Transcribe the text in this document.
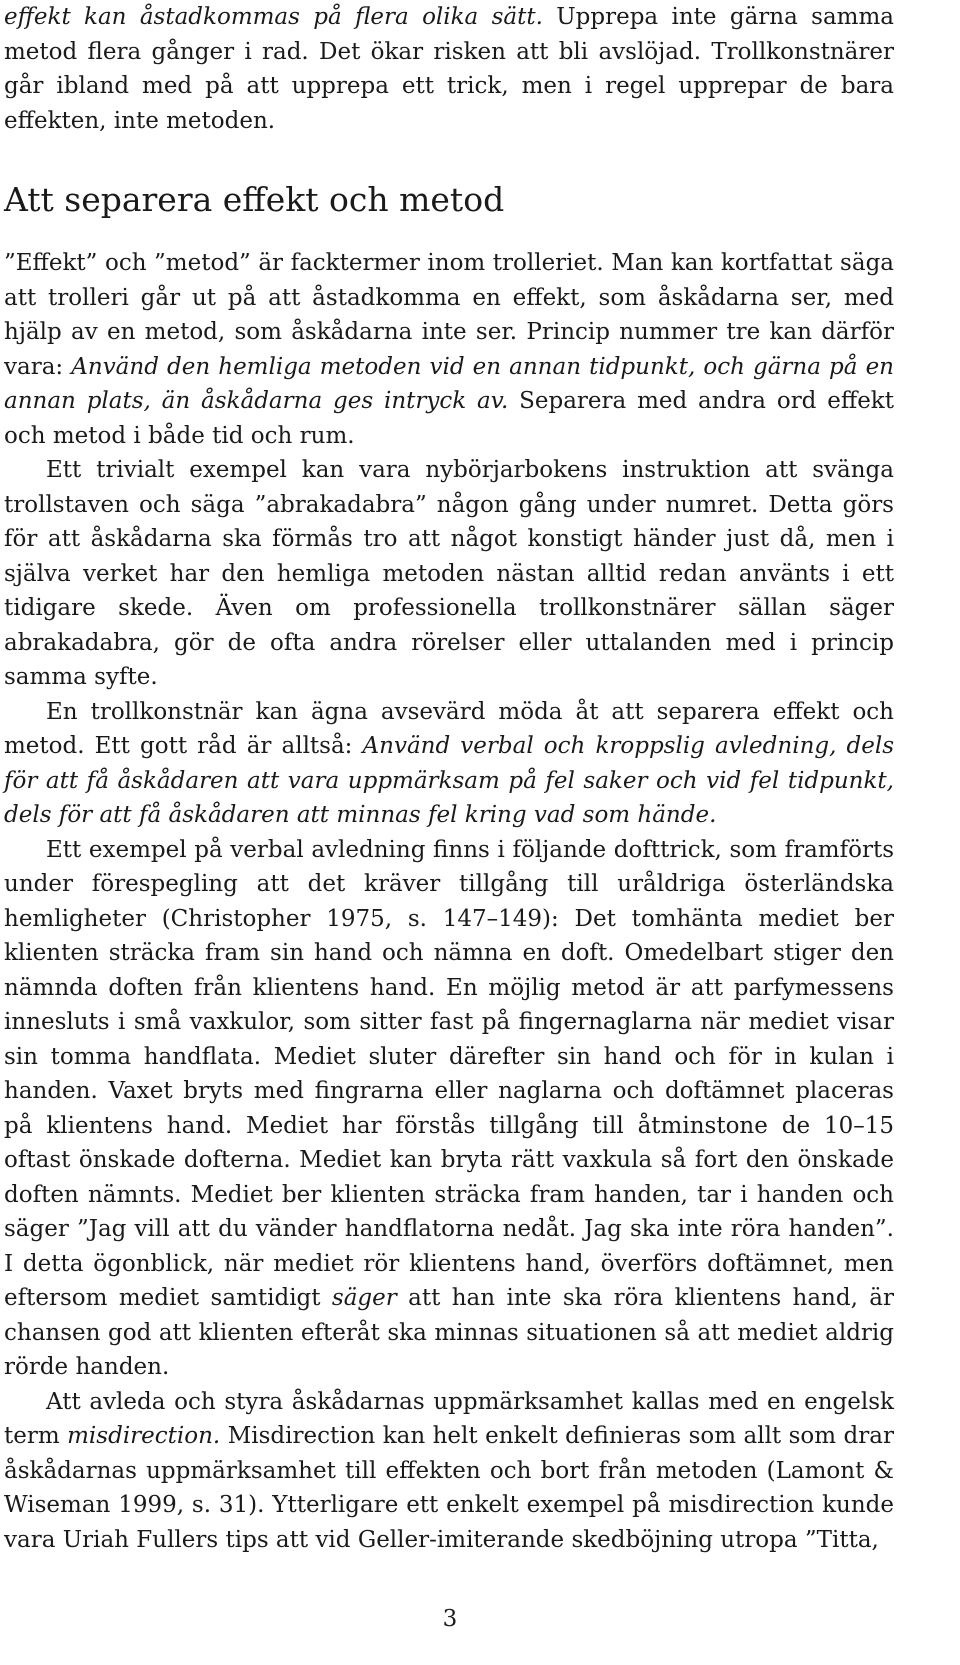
effekt kan åstadkommas på flera olika sätt. Upprepa inte gärna samma metod flera gånger i rad. Det ökar risken att bli avslöjad. Trollkonstnärer går ibland med på att upprepa ett trick, men i regel upprepar de bara effekten, inte metoden.

Att separera effekt och metod

”Effekt” och ”metod” är facktermer inom trolleriet. Man kan kortfattat säga att trolleri går ut på att åstadkomma en effekt, som åskådarna ser, med hjälp av en metod, som åskådarna inte ser. Princip nummer tre kan därför vara: Använd den hemliga metoden vid en annan tidpunkt, och gärna på en annan plats, än åskådarna ges intryck av. Separera med andra ord effekt och metod i både tid och rum.

Ett trivialt exempel kan vara nybörjarbokens instruktion att svänga trollstaven och säga ”abrakadabra” någon gång under numret. Detta görs för att åskådarna ska förmås tro att något konstigt händer just då, men i själva verket har den hemliga metoden nästan alltid redan använts i ett tidigare skede. Även om professionella trollkonstnärer sällan säger abrakadabra, gör de ofta andra rörelser eller uttalanden med i princip samma syfte.

En trollkonstnär kan ägna avsevärd möda åt att separera effekt och metod. Ett gott råd är alltså: Använd verbal och kroppslig avledning, dels för att få åskådaren att vara uppmärksam på fel saker och vid fel tidpunkt, dels för att få åskådaren att minnas fel kring vad som hände.

Ett exempel på verbal avledning finns i följande dofttrick, som framförts under förespegling att det kräver tillgång till uråldriga österländska hemligheter (Christopher 1975, s. 147–149): Det tomhänta mediet ber klienten sträcka fram sin hand och nämna en doft. Omedelbart stiger den nämnda doften från klientens hand. En möjlig metod är att parfymessens innesluts i små vaxkulor, som sitter fast på fingernaglarna när mediet visar sin tomma handflata. Mediet sluter därefter sin hand och för in kulan i handen. Vaxet bryts med fingrarna eller naglarna och doftämnet placeras på klientens hand. Mediet har förstås tillgång till åtminstone de 10–15 oftast önskade dofterna. Mediet kan bryta rätt vaxkula så fort den önskade doften nämnts. Mediet ber klienten sträcka fram handen, tar i handen och säger ”Jag vill att du vänder handflatorna nedåt. Jag ska inte röra handen”. I detta ögonblick, när mediet rör klientens hand, överförs doftämnet, men eftersom mediet samtidigt säger att han inte ska röra klientens hand, är chansen god att klienten efteråt ska minnas situationen så att mediet aldrig rörde handen.

Att avleda och styra åskådarnas uppmärksamhet kallas med en engelsk term misdirection. Misdirection kan helt enkelt definieras som allt som drar åskådarnas uppmärksamhet till effekten och bort från metoden (Lamont & Wiseman 1999, s. 31). Ytterligare ett enkelt exempel på misdirection kunde vara Uriah Fullers tips att vid Geller-imiterande skedböjning utropa ”Titta,

3
